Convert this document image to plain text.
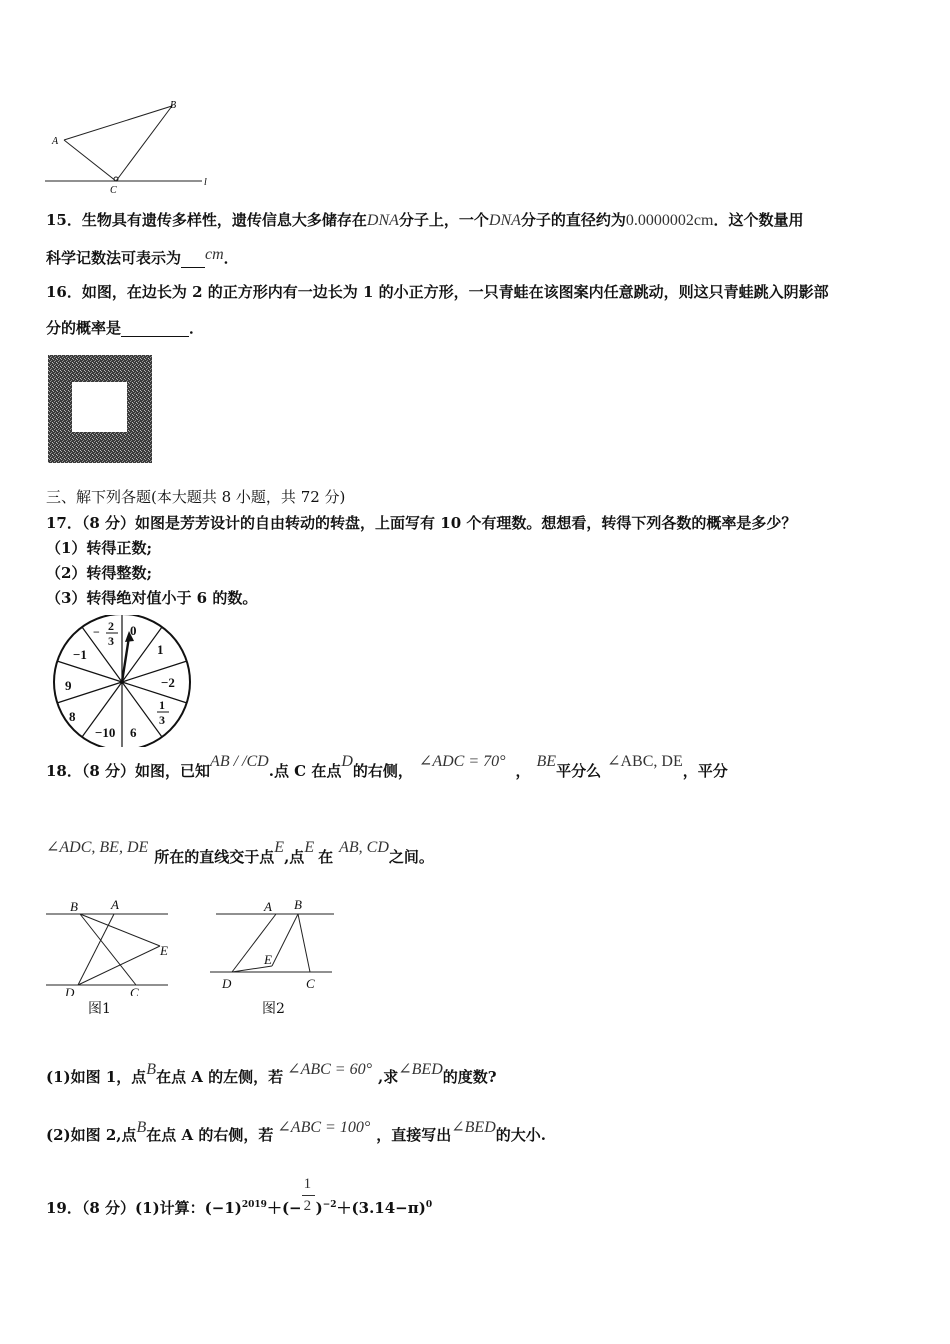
A
B
C
l
15．生物具有遗传多样性，遗传信息大多储存在DNA分子上，一个DNA分子的直径约为0.0000002cm．这个数量用
科学记数法可表示为 cm．
16．如图，在边长为 2 的正方形内有一边长为 1 的小正方形，一只青蛙在该图案内任意跳动，则这只青蛙跳入阴影部
分的概率是	．
三、解下列各题(本大题共 8 小题，共 72 分)
17．（8 分）如图是芳芳设计的自由转动的转盘，上面写有 10 个有理数。想想看，转得下列各数的概率是多少？
（1）转得正数;
（2）转得整数;
（3）转得绝对值小于 6 的数。
0
1
−2
6
−10
8
9
−1
1
3
− 2
3
18．（8 分）如图，已知AB / /CD.点 C 在点D的右侧，∠ADC = 70°，BE平分么∠ABC, DE，平分
∠ADC, BE, DE所在的直线交于点E,点E在AB, CD之间。
B	A
E
D	C
图1
A B
E
D	C
图2
(1)如图 1，点B在点 A 的左侧，若 ∠ABC = 60° ,求∠BED的度数?
(2)如图 2,点B在点 A 的右侧，若 ∠ABC = 100° ，直接写出∠BED的大小.
19．（8 分）(1)计算：$(-1)^{2019}+(- \frac{1}{2} )^{-2}+(3.14-\pi)^0$
